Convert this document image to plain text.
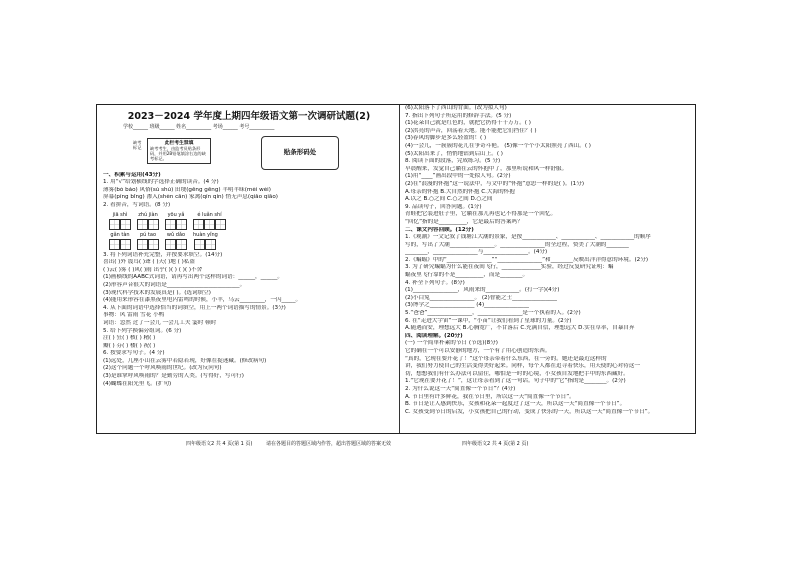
2023－2024 学年度上期四年级语文第一次调研试题(2)
学校______ 班级______ 姓名__________ 考场______ 考号__________
缺考标记
此栏考生禁填
缺考考生，由监考员贴条形码，并用2B铅笔填涂右边的缺考标记。
贴条形码处
一、积累与运用(43分)
1. 用“√”给划横线的字选择正确的读音。(4 分)
薄雾(bó báo) 风俗(sú shú) 田埂(gěng gēng) 半明半昧(mèi wèi)
屏幕(píng bǐng) 渗入(shèn cān) 家禽(qín qín) 悄无声息(qiǎo qiāo)
2. 看拼音，写词语。(8 分)
jiā shì zhú jiàn yōu yǎ	é luǎn shí
gǎn tàn pú tao wǔ dǎo huàn yǐng
3. 将下列词语补充完整，并按要求填空。(14分)
喜出( )外 震耳( )聋 ( )天( )地 ( )私盗
( )云( )雾 ( )风( )雨 出乎( )( ) ( )( )不舍
(1)画横线的AABC式词语，请再写出两个这样的词语：______，______。
(2)形容声音很大的词语是__________________________。
(3)现代科学技术的发展真是( )。(选词填空)
(4)能用来形容在漆黑夜里电闪雷鸣的时候，小羊，乌云_________，一闪_____。
4. 从下面的词语中选择恰当的词填空，用上一两个词语描写的情景。(3分)
事物：风 雷雨 雪花 小鸭
词语：忽然 过了一会儿 一会儿工夫 霎时 顿时
5. 给下列字换偏旁组词。(6 分)
注( ) 狂( ) 核( ) 精( )
瓣( ) 芬( ) 楼( ) 祝( )
6. 按要求写句子。(4 分)
(1)远处，几座小山在云雾中若隐若现，好像在捉迷藏。(修改病句)
(2)这个问题一个呼风唤雨的世纪。(改为反问句)
(3)是谁掌呼风唤雨的？是勤劳的人类。(写得好，写可行)
(4)蝴蝶在阳光里飞。(扩句)
(6)太阳落下了西山的背面。(改为拟人句)
7. 指出下列句子所运用的修辞手法。(5 分)
(1)花朵自己就是红色的，就把它扔得千千万万。( )
(2)洪亮的声音，回荡着天地。能不能把它们挡住？( )
(3)春风的脚步是多么轻盈的！( )
(4)一会儿，一簇簇的花儿在争奇斗艳。 (5)像一个个小太阳照亮了西山。( )
(5)太阳出来了，悄悄地钻到后山上。( )
8. 阅读下面的段落，完成练习。(5 分)
早晨醒来，发觉自己躺在云的怀抱中了，那里听说和风一样舒服。
(1)用“____”画出段中的一处拟人句。(2分)
(2)在“浪漫的怀抱”这一说法中，与文中的“怀抱”意思一样的是( )。(1分)
A.母亲的怀抱 B.大自然的怀抱 C.大海的怀抱
A.以之 B.○之间 C.○之间 D.○之间
9. 品读句子，回答问题。(1分)
青蛙把它装进肚子里，它躺在那儿再也记不得那是一个回忆。
“回忆”指的是__________，它是最后的答案吗？
二、课文内容回顾。(12分)
1.《观潮》一文记叙了钱塘江大潮的景象，是按____________、____________、____________的顺序
写的，写出了大潮________________。________________的全过程，赞美了大潮的________
________，________________与________________。(4分)
2.《蝙蝠》中的“________________”“________________”和________反映出洋洋得意的环境。(2分)
3. 为了研究蝙蝠为什么能在夜间飞行，______________实验，经过反复研究证明：蝙
蝠夜里飞行靠的不是__________，而是________。
4. 补全下列句子。(8分)
(1)________________，风雨来的____________。(打一字)(4分)
(2)小白兔________________。 (2)智能之士________________
(3)博学之________________ (4)________________
5.“爸爸”________________，________________是一个执着的人。(2分)
6. 在“走进大宇宙”一课中，“小苗”让我们看到了星球的力量。(2分)
A.随遇而安，理想远大 B.心胸宽广，不甘落后 C.充满自信，理想远大 D.实在草率，自暴自弃
四、阅读理解。(20分)
(一) 一个简单朴素的节日 (节选)(8分)
它的确在一个可以安静的地方，一个有了用心创造的东西。
“真的，它现在要开花了！”这个母亲带着什么东西，在一旁的。她还是最近这样的
讲，我们努力使自己的生活变得美好起来。同样，每个人都在追寻着快乐，用天使的心对待这一
切，想想我们有什么办法可以留住，哪怕是一时的心境，小女孩自发地把手中的东西藏好。
1.“它现在要开花了！”，这让母亲看到了这一句话。句子中的“它”指的是________。(2分)
2. 为什么说这一天“简直像一个节日”？(4分)
A. 节日里有许多鲜花，我在节日里，所以这一天“简直像一个节日”。
B. 节日是让人感到快乐，女孩和花朵一起度过了这一天，所以这一天“简直像一个节日”。
C. 女孩受到节日的启发，小女孩把自己的行动，变成了快乐的一天，所以这一天“简直像一个节日”。
四年级语文2 共 4 页(第 1 页)	请在各题目的答题区域内作答，超出答题区域的答案无效	四年级语文2 共 4 页(第 2 页)
